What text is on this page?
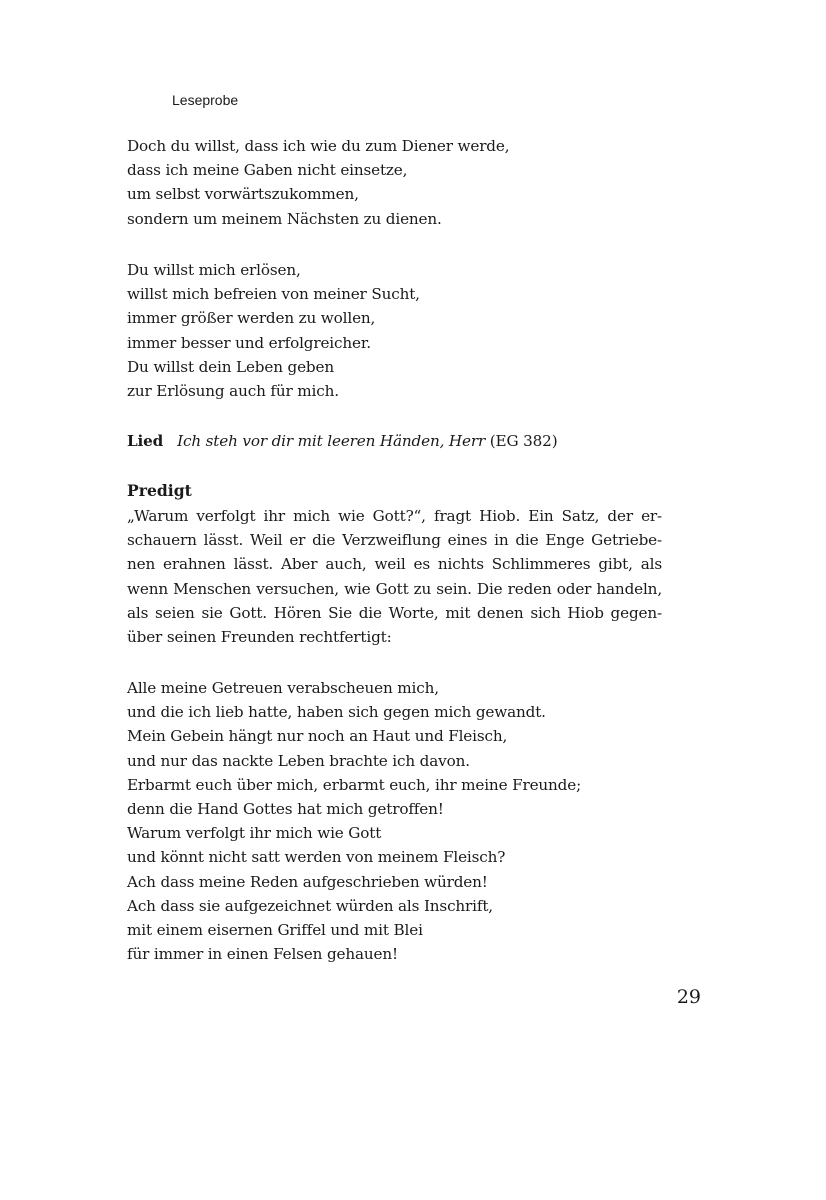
Leseprobe

Doch du willst, dass ich wie du zum Diener werde,
dass ich meine Gaben nicht einsetze,
um selbst vorwärtszukommen,
sondern um meinem Nächsten zu dienen.

Du willst mich erlösen,
willst mich befreien von meiner Sucht,
immer größer werden zu wollen,
immer besser und erfolgreicher.
Du willst dein Leben geben
zur Erlösung auch für mich.

Lied Ich steh vor dir mit leeren Händen, Herr (EG 382)
Predigt
„Warum verfolgt ihr mich wie Gott?“, fragt Hiob. Ein Satz, der er-
schauern lässt. Weil er die Verzweiflung eines in die Enge Getriebe-
nen erahnen lässt. Aber auch, weil es nichts Schlimmeres gibt, als
wenn Menschen versuchen, wie Gott zu sein. Die reden oder handeln,
als seien sie Gott. Hören Sie die Worte, mit denen sich Hiob gegen-
über seinen Freunden rechtfertigt:

Alle meine Getreuen verabscheuen mich,
und die ich lieb hatte, haben sich gegen mich gewandt.
Mein Gebein hängt nur noch an Haut und Fleisch,
und nur das nackte Leben brachte ich davon.
Erbarmt euch über mich, erbarmt euch, ihr meine Freunde;
denn die Hand Gottes hat mich getroffen!
Warum verfolgt ihr mich wie Gott
und könnt nicht satt werden von meinem Fleisch?
Ach dass meine Reden aufgeschrieben würden!
Ach dass sie aufgezeichnet würden als Inschrift,
mit einem eisernen Griffel und mit Blei
für immer in einen Felsen gehauen!

29
